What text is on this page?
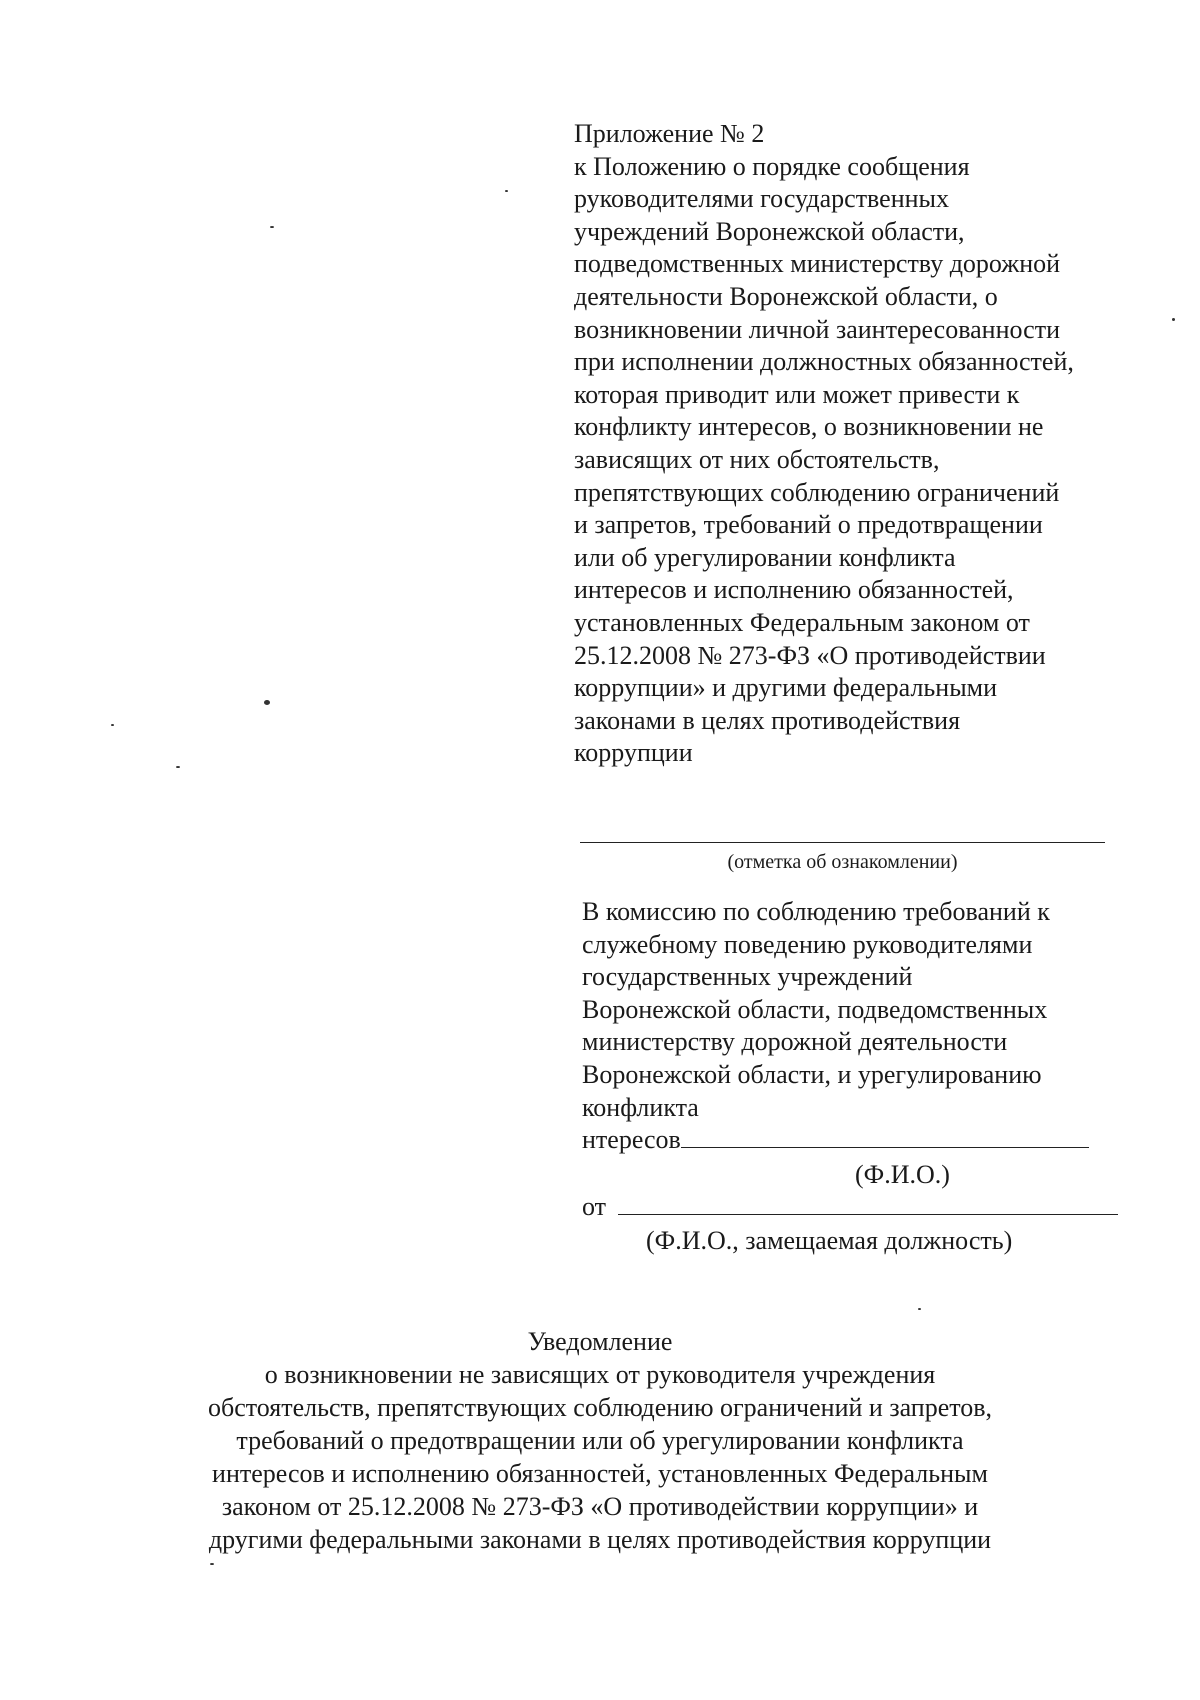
Приложение № 2
к Положению о порядке сообщения
руководителями государственных
учреждений Воронежской области,
подведомственных министерству дорожной
деятельности Воронежской области, о
возникновении личной заинтересованности
при исполнении должностных обязанностей,
которая приводит или может привести к
конфликту интересов, о возникновении не
зависящих от них обстоятельств,
препятствующих соблюдению ограничений
и запретов, требований о предотвращении
или об урегулировании конфликта
интересов и исполнению обязанностей,
установленных Федеральным законом от
25.12.2008 № 273-ФЗ «О противодействии
коррупции» и другими федеральными
законами в целях противодействия
коррупции
(отметка об ознакомлении)
В комиссию по соблюдению требований к
служебному поведению руководителями
государственных учреждений
Воронежской области, подведомственных
министерству дорожной деятельности
Воронежской области, и урегулированию
конфликта
нтересов
(Ф.И.О.)
от
(Ф.И.О., замещаемая должность)
Уведомление
о возникновении не зависящих от руководителя учреждения
обстоятельств, препятствующих соблюдению ограничений и запретов,
требований о предотвращении или об урегулировании конфликта
интересов и исполнению обязанностей, установленных Федеральным
законом от 25.12.2008 № 273-ФЗ «О противодействии коррупции» и
другими федеральными законами в целях противодействия коррупции
